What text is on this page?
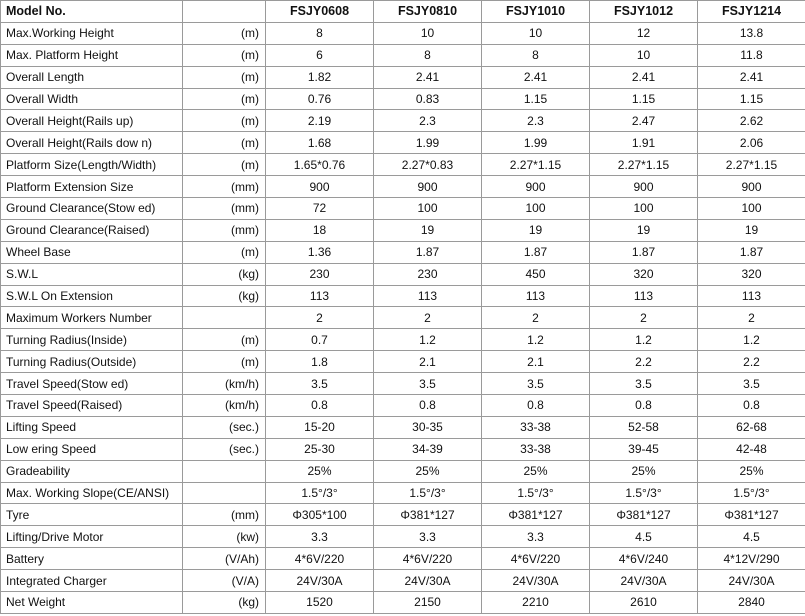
Model No.		FSJY0608	FSJY0810	FSJY1010	FSJY1012	FSJY1214
Max.Working Height	(m)	8	10	10	12	13.8
Max. Platform Height	(m)	6	8	8	10	11.8
Overall Length	(m)	1.82	2.41	2.41	2.41	2.41
Overall Width	(m)	0.76	0.83	1.15	1.15	1.15
Overall Height(Rails up)	(m)	2.19	2.3	2.3	2.47	2.62
Overall Height(Rails dow n)	(m)	1.68	1.99	1.99	1.91	2.06
Platform Size(Length/Width)	(m)	1.65*0.76	2.27*0.83	2.27*1.15	2.27*1.15	2.27*1.15
Platform Extension Size	(mm)	900	900	900	900	900
Ground Clearance(Stow ed)	(mm)	72	100	100	100	100
Ground Clearance(Raised)	(mm)	18	19	19	19	19
Wheel Base	(m)	1.36	1.87	1.87	1.87	1.87
S.W.L	(kg)	230	230	450	320	320
S.W.L On Extension	(kg)	113	113	113	113	113
Maximum Workers Number		2	2	2	2	2
Turning Radius(Inside)	(m)	0.7	1.2	1.2	1.2	1.2
Turning Radius(Outside)	(m)	1.8	2.1	2.1	2.2	2.2
Travel Speed(Stow ed)	(km/h)	3.5	3.5	3.5	3.5	3.5
Travel Speed(Raised)	(km/h)	0.8	0.8	0.8	0.8	0.8
Lifting Speed	(sec.)	15-20	30-35	33-38	52-58	62-68
Low ering Speed	(sec.)	25-30	34-39	33-38	39-45	42-48
Gradeability		25%	25%	25%	25%	25%
Max. Working Slope(CE/ANSI)		1.5°/3°	1.5°/3°	1.5°/3°	1.5°/3°	1.5°/3°
Tyre	(mm)	Φ305*100	Φ381*127	Φ381*127	Φ381*127	Φ381*127
Lifting/Drive Motor	(kw)	3.3	3.3	3.3	4.5	4.5
Battery	(V/Ah)	4*6V/220	4*6V/220	4*6V/220	4*6V/240	4*12V/290
Integrated Charger	(V/A)	24V/30A	24V/30A	24V/30A	24V/30A	24V/30A
Net Weight	(kg)	1520	2150	2210	2610	2840
